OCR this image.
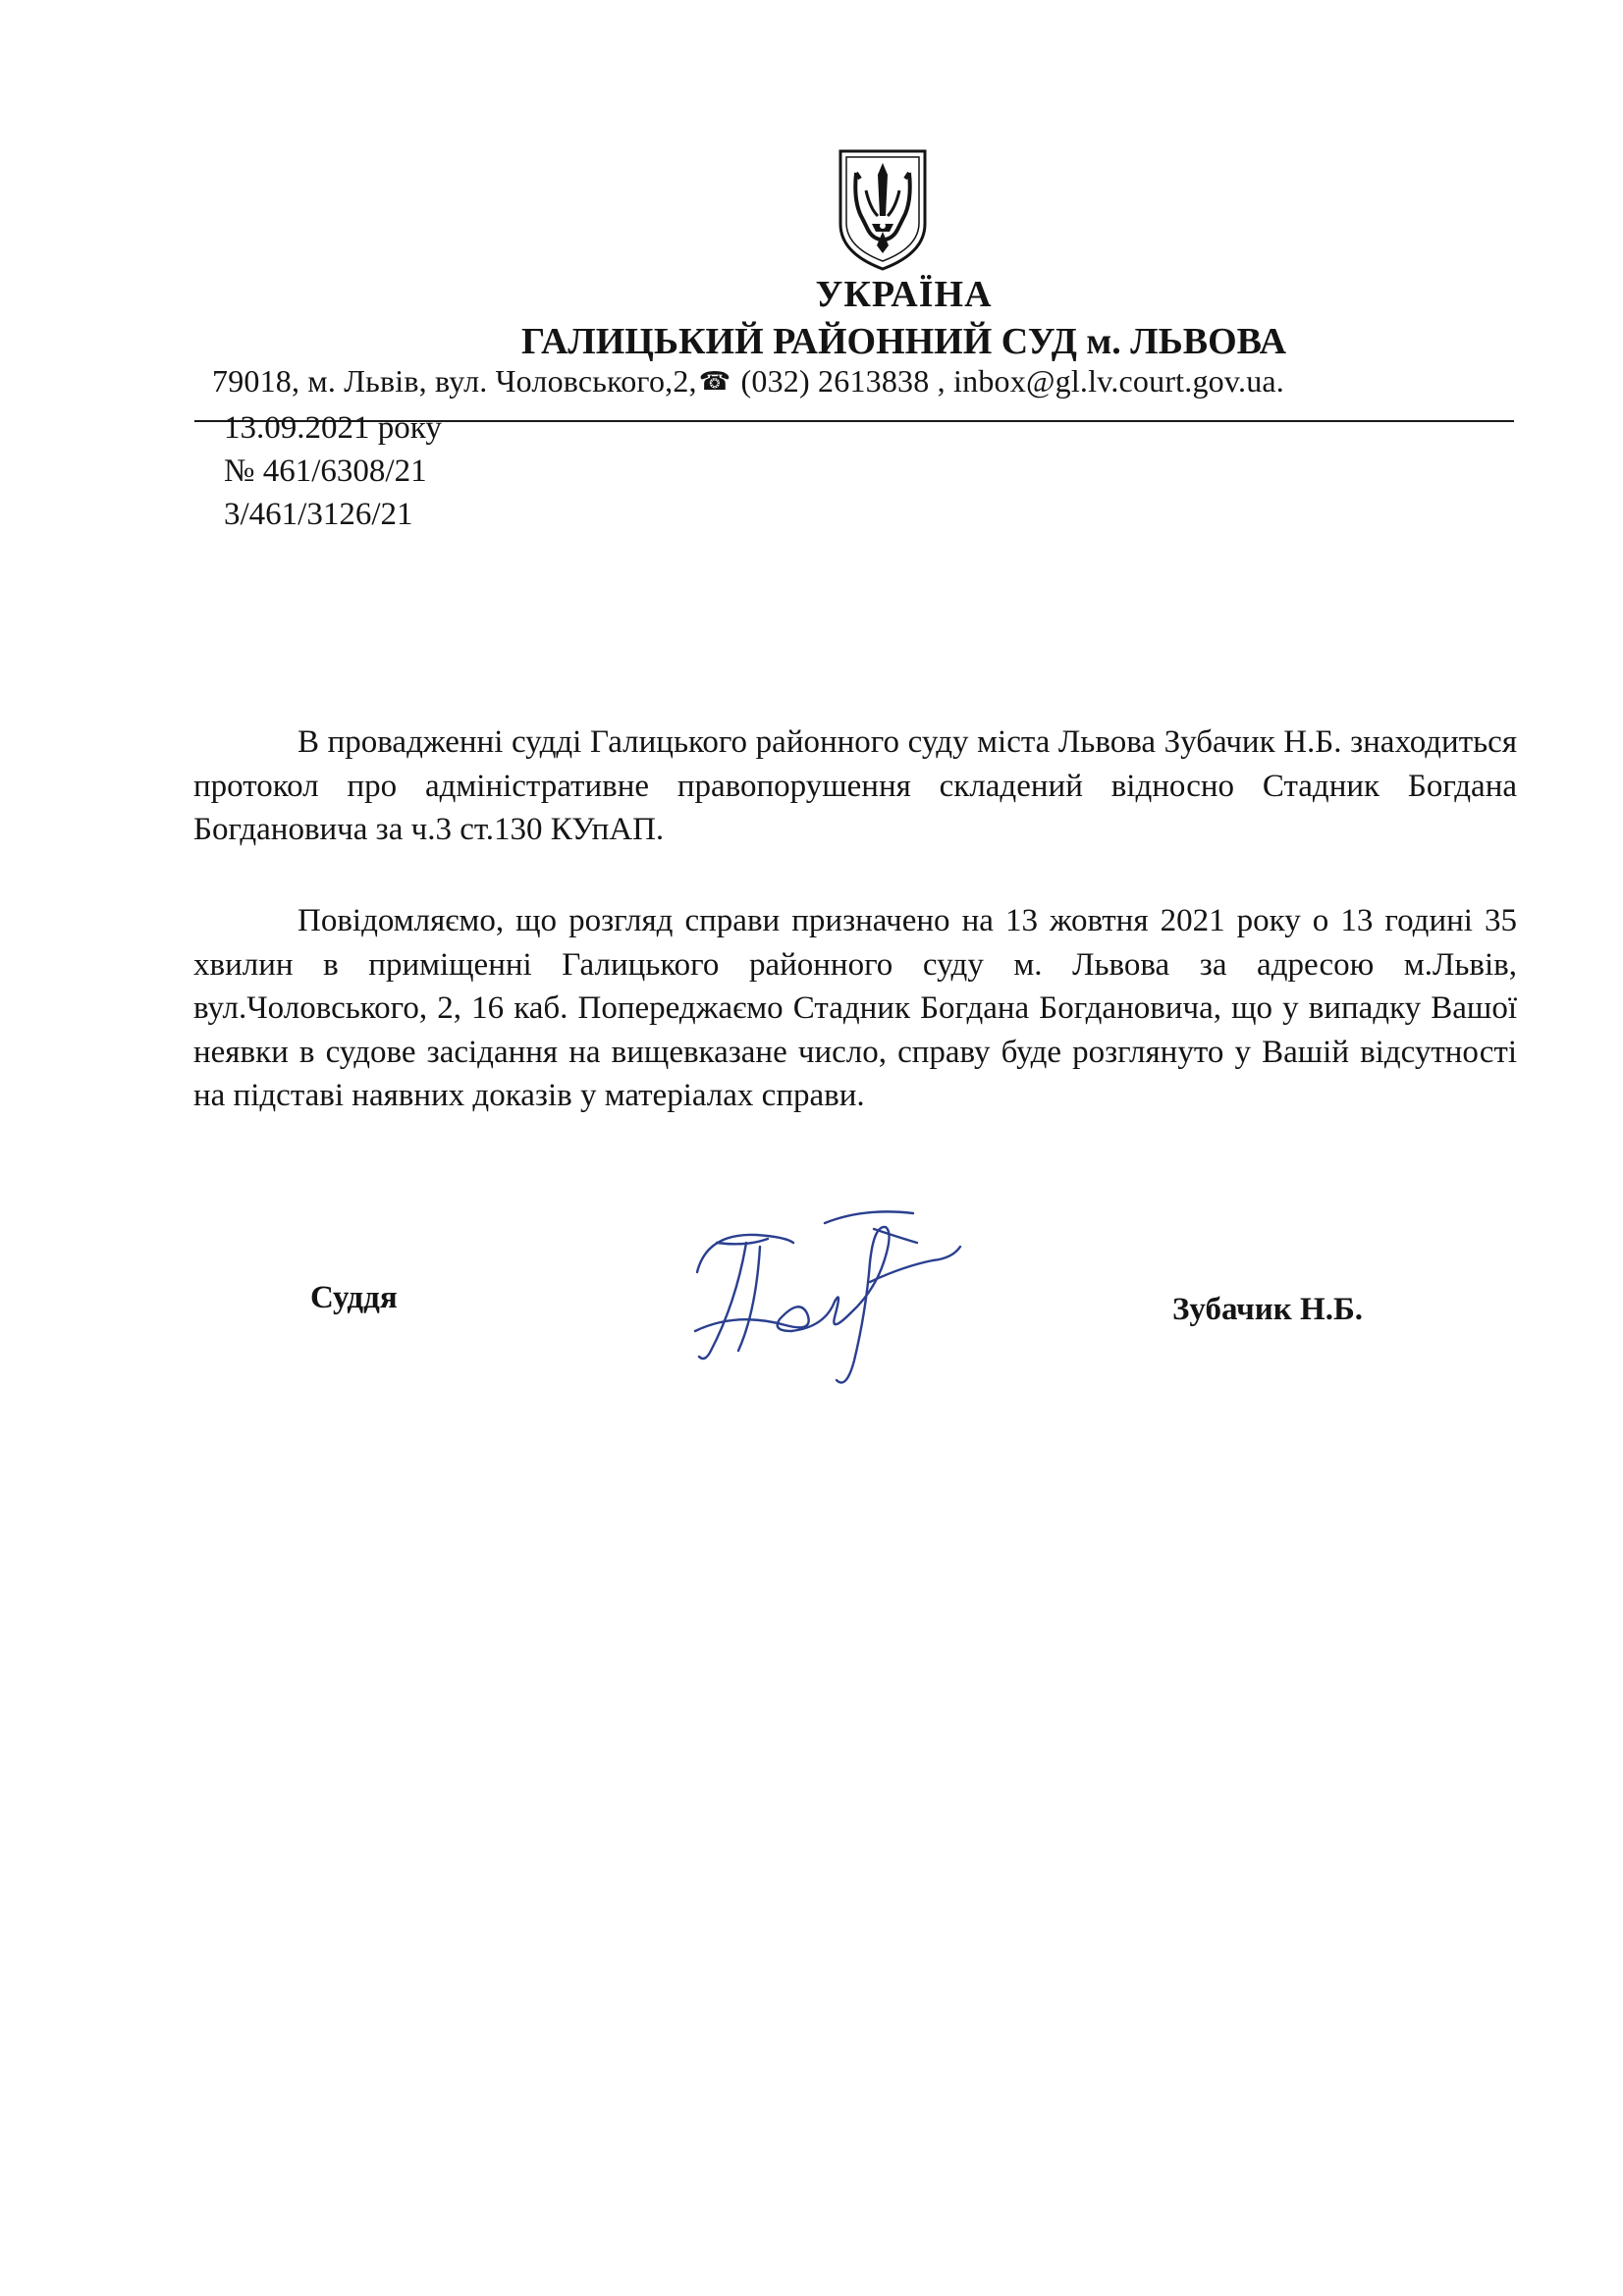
УКРАЇНА
ГАЛИЦЬКИЙ РАЙОННИЙ СУД м. ЛЬВОВА
79018, м. Львів, вул. Чоловського,2,☎ (032) 2613838 , inbox@gl.lv.court.gov.ua.
13.09.2021 року
№ 461/6308/21
3/461/3126/21

В провадженні судді Галицького районного суду міста Львова Зубачик Н.Б. знаходиться протокол про адміністративне правопорушення складений відносно Стадник Богдана Богдановича за ч.3 ст.130 КУпАП.

Повідомляємо, що розгляд справи призначено на 13 жовтня 2021 року о 13 годині 35 хвилин в приміщенні Галицького районного суду м. Львова за адресою м.Львів, вул.Чоловського, 2, 16 каб. Попереджаємо Стадник Богдана Богдановича, що у випадку Вашої неявки в судове засідання на вищевказане число, справу буде розглянуто у Вашій відсутності на підставі наявних доказів у матеріалах справи.

Суддя	Зубачик Н.Б.
